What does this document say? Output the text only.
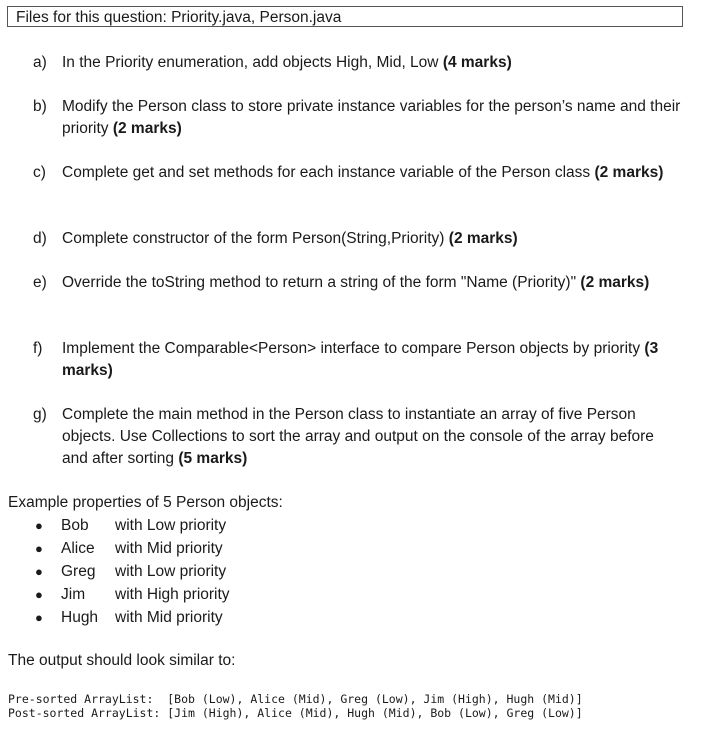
Files for this question: Priority.java, Person.java
a) In the Priority enumeration, add objects High, Mid, Low (4 marks)
b) Modify the Person class to store private instance variables for the person’s name and their priority (2 marks)
c)	Complete get and set methods for each instance variable of the Person class (2 marks)
d) Complete constructor of the form Person(String,Priority) (2 marks)
e) Override the toString method to return a string of the form "Name (Priority)" (2 marks)
f)	Implement the Comparable<Person> interface to compare Person objects by priority (3 marks)
g) Complete the main method in the Person class to instantiate an array of five Person objects. Use Collections to sort the array and output on the console of the array before and after sorting (5 marks)
Example properties of 5 Person objects:
● Bob with Low priority
● Alice with Mid priority
● Greg with Low priority
● Jim with High priority
● Hugh with Mid priority
The output should look similar to:
Pre-sorted ArrayList:  [Bob (Low), Alice (Mid), Greg (Low), Jim (High), Hugh (Mid)]
Post-sorted ArrayList: [Jim (High), Alice (Mid), Hugh (Mid), Bob (Low), Greg (Low)]
